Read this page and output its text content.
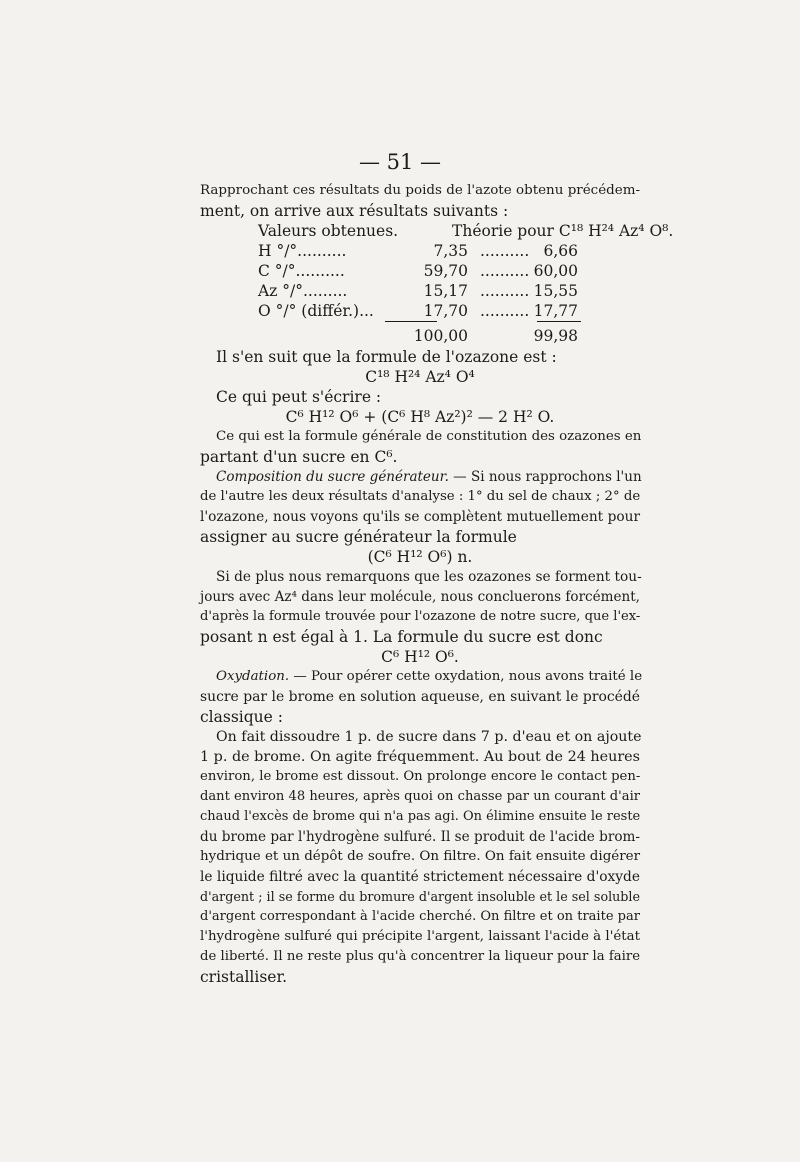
— 51 —
Rapprochant ces résultats du poids de l'azote obtenu précédem-
ment, on arrive aux résultats suivants :
Valeurs obtenues.	Théorie pour C¹⁸ H²⁴ Az⁴ O⁸.
H °/°..........	7,35 .......... 6,66
C °/°..........	59,70 .......... 60,00
Az °/°.........	15,17 .......... 15,55
O °/° (différ.)...	17,70 .......... 17,77
100,00	99,98
Il s'en suit que la formule de l'ozazone est :
C¹⁸ H²⁴ Az⁴ O⁴
Ce qui peut s'écrire :
C⁶ H¹² O⁶ + (C⁶ H⁸ Az²)² — 2 H² O.
Ce qui est la formule générale de constitution des ozazones en
partant d'un sucre en C⁶.
Composition du sucre générateur. — Si nous rapprochons l'un
de l'autre les deux résultats d'analyse : 1° du sel de chaux ; 2° de
l'ozazone, nous voyons qu'ils se complètent mutuellement pour
assigner au sucre générateur la formule
(C⁶ H¹² O⁶) n.
Si de plus nous remarquons que les ozazones se forment tou-
jours avec Az⁴ dans leur molécule, nous concluerons forcément,
d'après la formule trouvée pour l'ozazone de notre sucre, que l'ex-
posant n est égal à 1. La formule du sucre est donc
C⁶ H¹² O⁶.
Oxydation. — Pour opérer cette oxydation, nous avons traité le
sucre par le brome en solution aqueuse, en suivant le procédé
classique :
On fait dissoudre 1 p. de sucre dans 7 p. d'eau et on ajoute
1 p. de brome. On agite fréquemment. Au bout de 24 heures
environ, le brome est dissout. On prolonge encore le contact pen-
dant environ 48 heures, après quoi on chasse par un courant d'air
chaud l'excès de brome qui n'a pas agi. On élimine ensuite le reste
du brome par l'hydrogène sulfuré. Il se produit de l'acide brom-
hydrique et un dépôt de soufre. On filtre. On fait ensuite digérer
le liquide filtré avec la quantité strictement nécessaire d'oxyde
d'argent ; il se forme du bromure d'argent insoluble et le sel soluble
d'argent correspondant à l'acide cherché. On filtre et on traite par
l'hydrogène sulfuré qui précipite l'argent, laissant l'acide à l'état
de liberté. Il ne reste plus qu'à concentrer la liqueur pour la faire
cristalliser.
